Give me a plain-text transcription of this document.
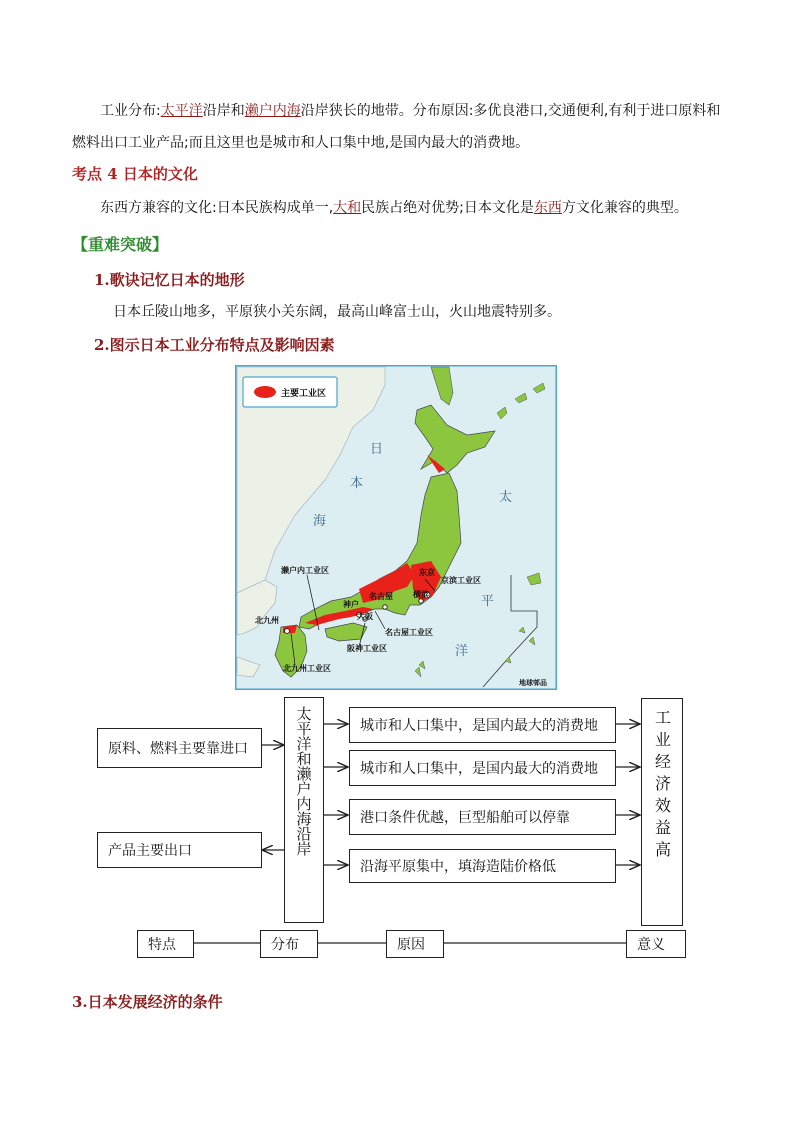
工业分布:太平洋沿岸和濑户内海沿岸狭长的地带。分布原因:多优良港口,交通便利,有利于进口原料和
燃料出口工业产品;而且这里也是城市和人口集中地,是国内最大的消费地。
考点 4 日本的文化
东西方兼容的文化:日本民族构成单一,大和民族占绝对优势;日本文化是东西方文化兼容的典型。
【重难突破】
1.歌诀记忆日本的地形
日本丘陵山地多，平原狭小关东阔，最高山峰富士山，火山地震特别多。
2.图示日本工业分布特点及影响因素
主要工业区
日
本
海
太
平
洋
濑户内工业区	东京
京滨工业区
横滨
名古屋
神户
大阪
名古屋工业区
阪神工业区
北九州
北九州工业区
地球邨品
原料、燃料主要靠进口
产品主要出口	太平洋和濑户内海沿岸	城市和人口集中，是国内最大的消费地
城市和人口集中，是国内最大的消费地
港口条件优越，巨型船舶可以停靠
沿海平原集中，填海造陆价格低
工业经济效益高
特点	分布	原因	意义
3.日本发展经济的条件
